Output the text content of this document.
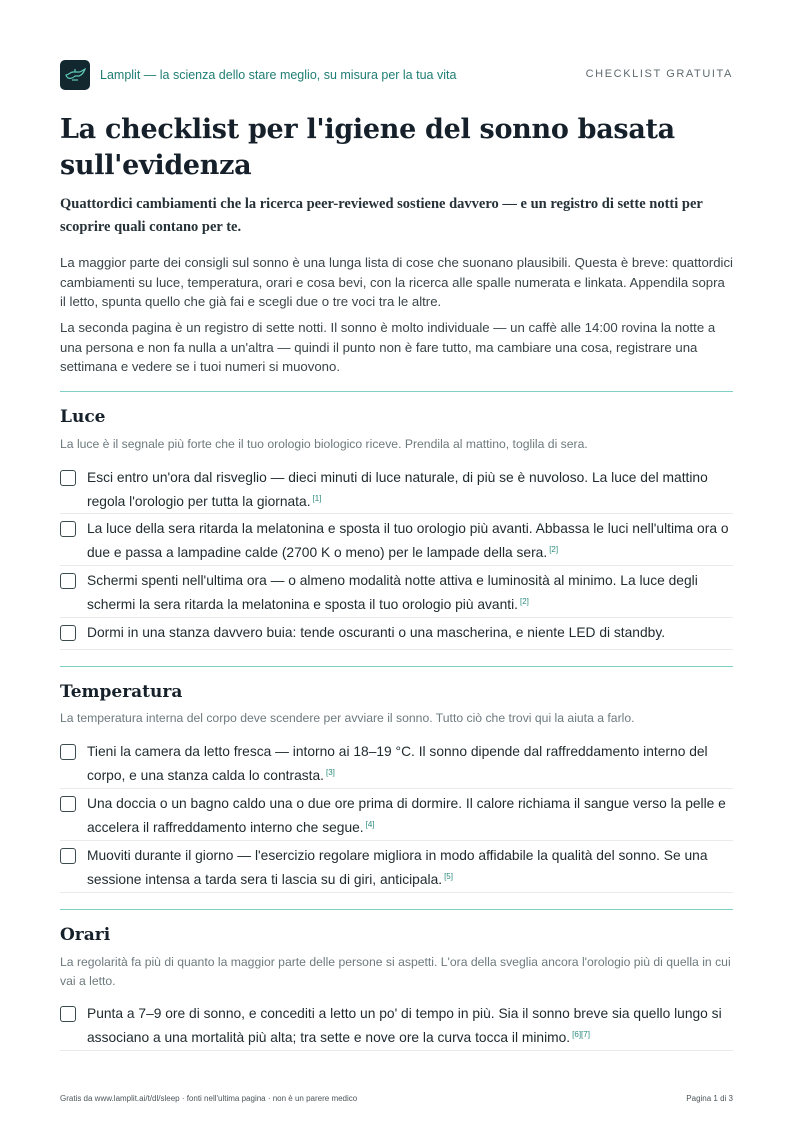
Lamplit — la scienza dello stare meglio, su misura per la tua vita	CHECKLIST GRATUITA
La checklist per l'igiene del sonno basata sull'evidenza

Quattordici cambiamenti che la ricerca peer-reviewed sostiene davvero — e un registro di sette notti per scoprire quali contano per te.

La maggior parte dei consigli sul sonno è una lunga lista di cose che suonano plausibili. Questa è breve: quattordici cambiamenti su luce, temperatura, orari e cosa bevi, con la ricerca alle spalle numerata e linkata. Appendila sopra il letto, spunta quello che già fai e scegli due o tre voci tra le altre.

La seconda pagina è un registro di sette notti. Il sonno è molto individuale — un caffè alle 14:00 rovina la notte a una persona e non fa nulla a un'altra — quindi il punto non è fare tutto, ma cambiare una cosa, registrare una settimana e vedere se i tuoi numeri si muovono.

Luce

La luce è il segnale più forte che il tuo orologio biologico riceve. Prendila al mattino, toglila di sera.

Esci entro un'ora dal risveglio — dieci minuti di luce naturale, di più se è nuvoloso. La luce del mattino regola l'orologio per tutta la giornata. [1]

La luce della sera ritarda la melatonina e sposta il tuo orologio più avanti. Abbassa le luci nell'ultima ora o due e passa a lampadine calde (2700 K o meno) per le lampade della sera. [2]

Schermi spenti nell'ultima ora — o almeno modalità notte attiva e luminosità al minimo. La luce degli schermi la sera ritarda la melatonina e sposta il tuo orologio più avanti. [2]

Dormi in una stanza davvero buia: tende oscuranti o una mascherina, e niente LED di standby.

Temperatura

La temperatura interna del corpo deve scendere per avviare il sonno. Tutto ciò che trovi qui la aiuta a farlo.

Tieni la camera da letto fresca — intorno ai 18–19 °C. Il sonno dipende dal raffreddamento interno del corpo, e una stanza calda lo contrasta. [3]

Una doccia o un bagno caldo una o due ore prima di dormire. Il calore richiama il sangue verso la pelle e accelera il raffreddamento interno che segue. [4]

Muoviti durante il giorno — l'esercizio regolare migliora in modo affidabile la qualità del sonno. Se una sessione intensa a tarda sera ti lascia su di giri, anticipala. [5]

Orari

La regolarità fa più di quanto la maggior parte delle persone si aspetti. L'ora della sveglia ancora l'orologio più di quella in cui vai a letto.

Punta a 7–9 ore di sonno, e concediti a letto un po' di tempo in più. Sia il sonno breve sia quello lungo si associano a una mortalità più alta; tra sette e nove ore la curva tocca il minimo. [6][7]

Gratis da www.lamplit.ai/t/dl/sleep · fonti nell'ultima pagina · non è un parere medico	Pagina 1 di 3
